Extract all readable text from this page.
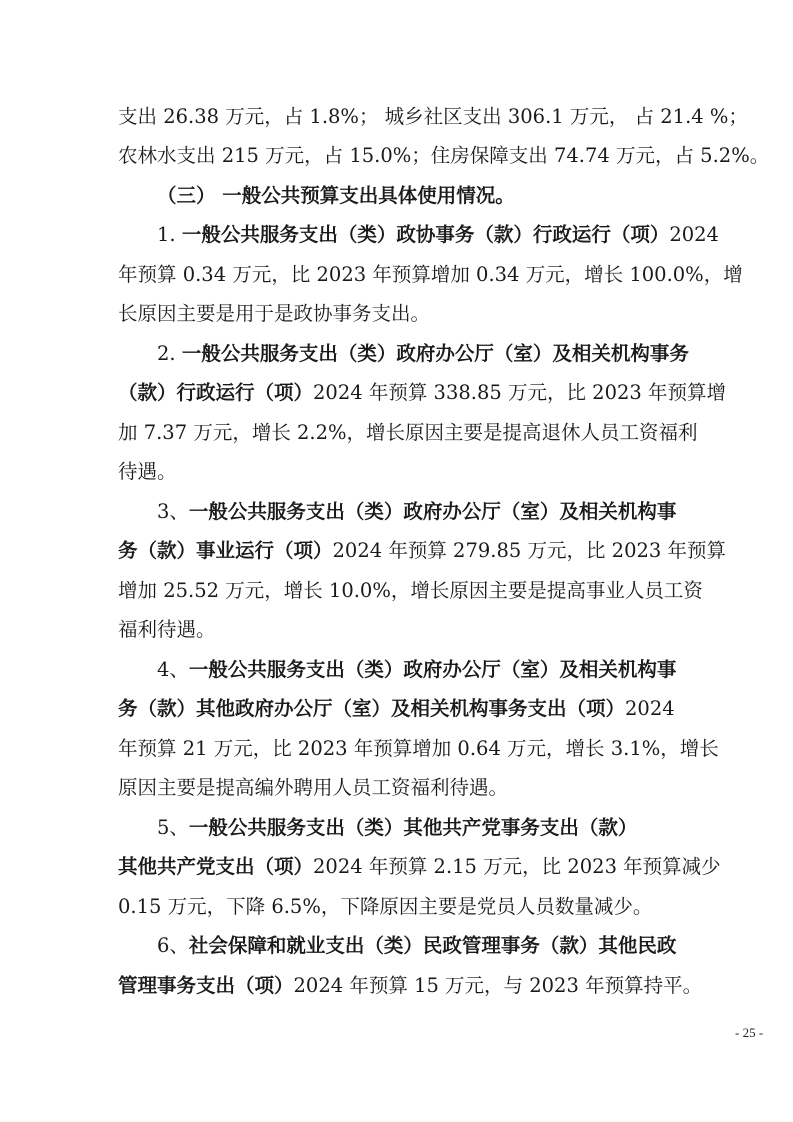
支出 26.38 万元，占 1.8%； 城乡社区支出 306.1 万元， 占 21.4 %；
农林水支出 215 万元，占 15.0%；住房保障支出 74.74 万元，占 5.2%。
（三） 一般公共预算支出具体使用情况。
1. 一般公共服务支出（类）政协事务（款）行政运行（项）2024
年预算 0.34 万元，比 2023 年预算增加 0.34 万元，增长 100.0%，增
长原因主要是用于是政协事务支出。
2. 一般公共服务支出（类）政府办公厅（室）及相关机构事务
（款）行政运行（项）2024 年预算 338.85 万元，比 2023 年预算增
加 7.37 万元，增长 2.2%，增长原因主要是提高退休人员工资福利
待遇。
3、一般公共服务支出（类）政府办公厅（室）及相关机构事
务（款）事业运行（项）2024 年预算 279.85 万元，比 2023 年预算
增加 25.52 万元，增长 10.0%，增长原因主要是提高事业人员工资
福利待遇。
4、一般公共服务支出（类）政府办公厅（室）及相关机构事
务（款）其他政府办公厅（室）及相关机构事务支出（项）2024
年预算 21 万元，比 2023 年预算增加 0.64 万元，增长 3.1%，增长
原因主要是提高编外聘用人员工资福利待遇。
5、一般公共服务支出（类）其他共产党事务支出（款）
其他共产党支出（项）2024 年预算 2.15 万元，比 2023 年预算减少
0.15 万元，下降 6.5%，下降原因主要是党员人员数量减少。
6、社会保障和就业支出（类）民政管理事务（款）其他民政
管理事务支出（项）2024 年预算 15 万元，与 2023 年预算持平。
- 25 -
